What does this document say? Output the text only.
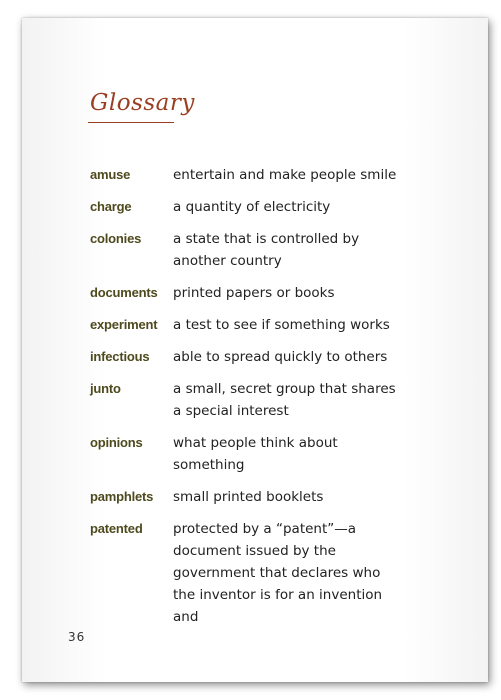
Glossary
amuse	entertain and make people smile
charge	a quantity of electricity
colonies	a state that is controlled by another country
documents	printed papers or books
experiment	a test to see if something works
infectious	able to spread quickly to others
junto	a small, secret group that shares a special interest
opinions	what people think about something
pamphlets	small printed booklets
patented	protected by a “patent”—a document issued by the government that declares who the inventor is for an invention and
36
